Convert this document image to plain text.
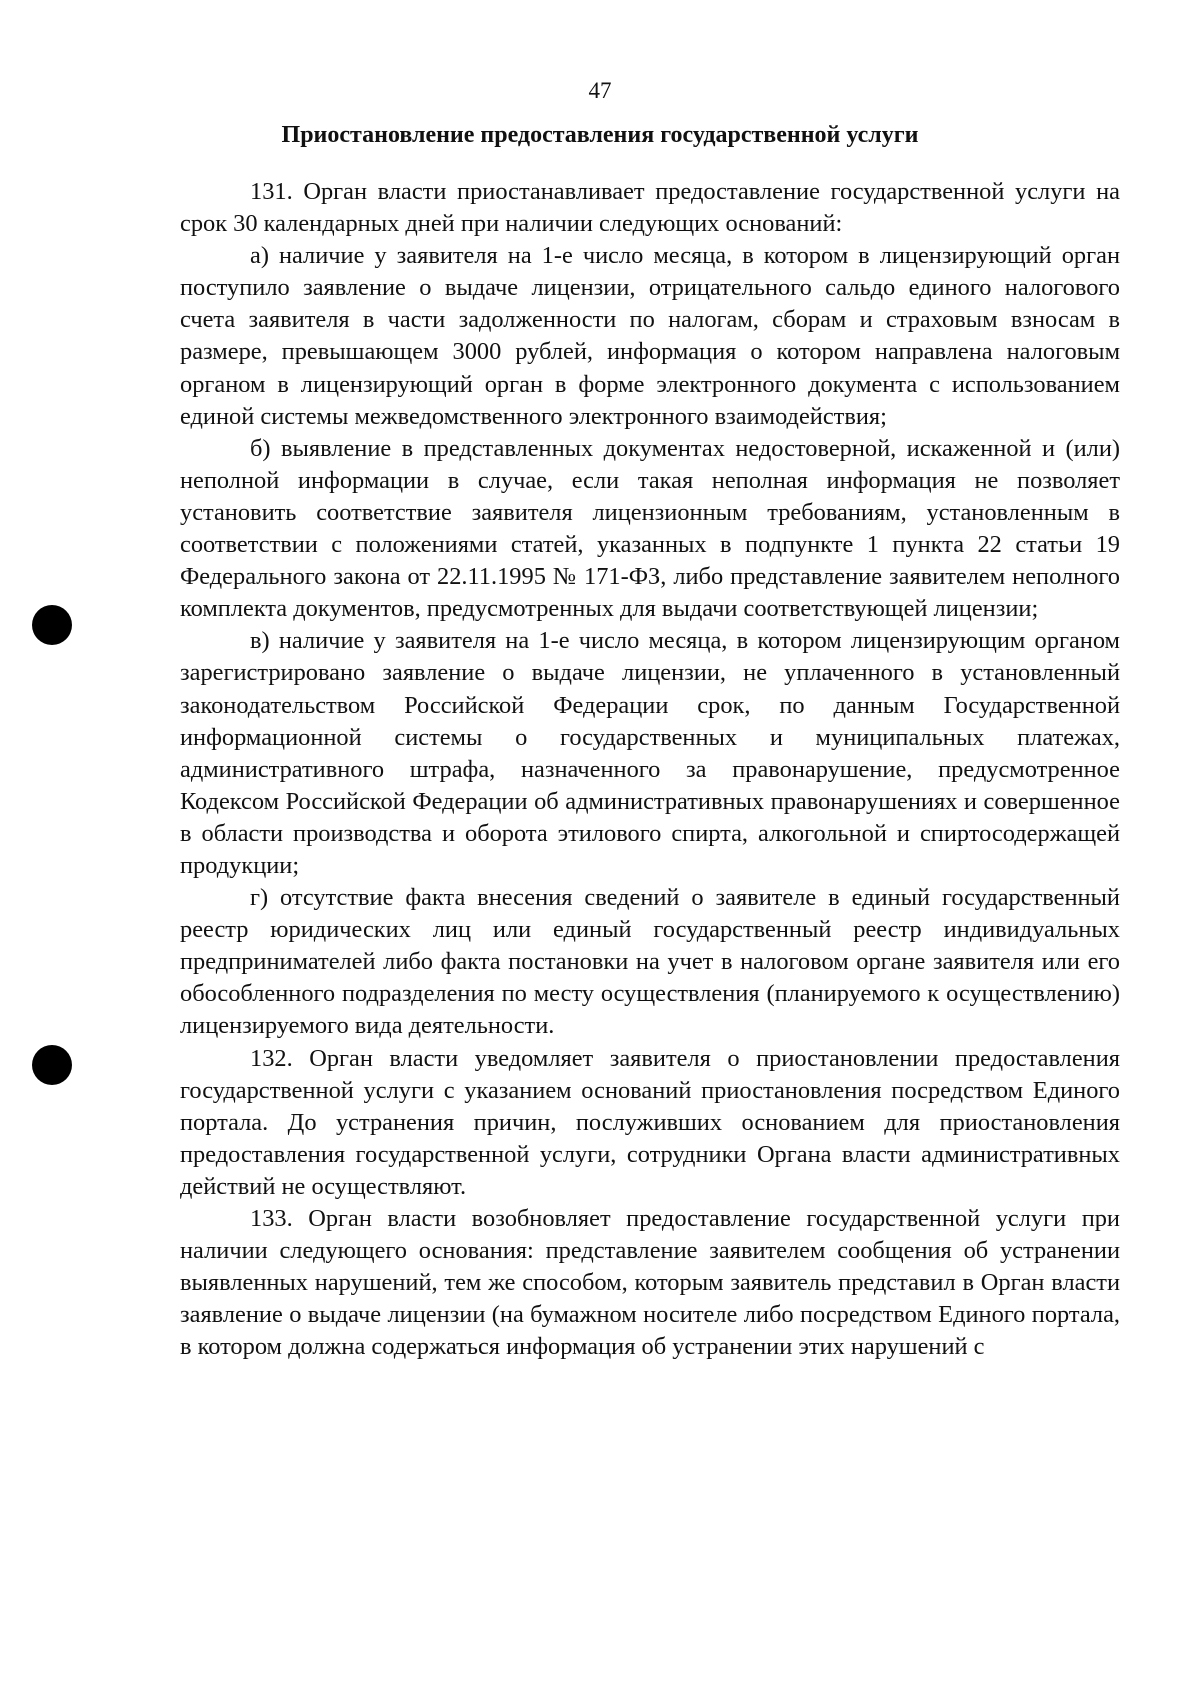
47
Приостановление предоставления государственной услуги

131. Орган власти приостанавливает предоставление государственной услуги на срок 30 календарных дней при наличии следующих оснований:

а) наличие у заявителя на 1-е число месяца, в котором в лицензирующий орган поступило заявление о выдаче лицензии, отрицательного сальдо единого налогового счета заявителя в части задолженности по налогам, сборам и страховым взносам в размере, превышающем 3000 рублей, информация о котором направлена налоговым органом в лицензирующий орган в форме электронного документа с использованием единой системы межведомственного электронного взаимодействия;

б) выявление в представленных документах недостоверной, искаженной и (или) неполной информации в случае, если такая неполная информация не позволяет установить соответствие заявителя лицензионным требованиям, установленным в соответствии с положениями статей, указанных в подпункте 1 пункта 22 статьи 19 Федерального закона от 22.11.1995 № 171-ФЗ, либо представление заявителем неполного комплекта документов, предусмотренных для выдачи соответствующей лицензии;

в) наличие у заявителя на 1-е число месяца, в котором лицензирующим органом зарегистрировано заявление о выдаче лицензии, не уплаченного в установленный законодательством Российской Федерации срок, по данным Государственной информационной системы о государственных и муниципальных платежах, административного штрафа, назначенного за правонарушение, предусмотренное Кодексом Российской Федерации об административных правонарушениях и совершенное в области производства и оборота этилового спирта, алкогольной и спиртосодержащей продукции;

г) отсутствие факта внесения сведений о заявителе в единый государственный реестр юридических лиц или единый государственный реестр индивидуальных предпринимателей либо факта постановки на учет в налоговом органе заявителя или его обособленного подразделения по месту осуществления (планируемого к осуществлению) лицензируемого вида деятельности.

132. Орган власти уведомляет заявителя о приостановлении предоставления государственной услуги с указанием оснований приостановления посредством Единого портала. До устранения причин, послуживших основанием для приостановления предоставления государственной услуги, сотрудники Органа власти административных действий не осуществляют.

133. Орган власти возобновляет предоставление государственной услуги при наличии следующего основания: представление заявителем сообщения об устранении выявленных нарушений, тем же способом, которым заявитель представил в Орган власти заявление о выдаче лицензии (на бумажном носителе либо посредством Единого портала, в котором должна содержаться информация об устранении этих нарушений с
